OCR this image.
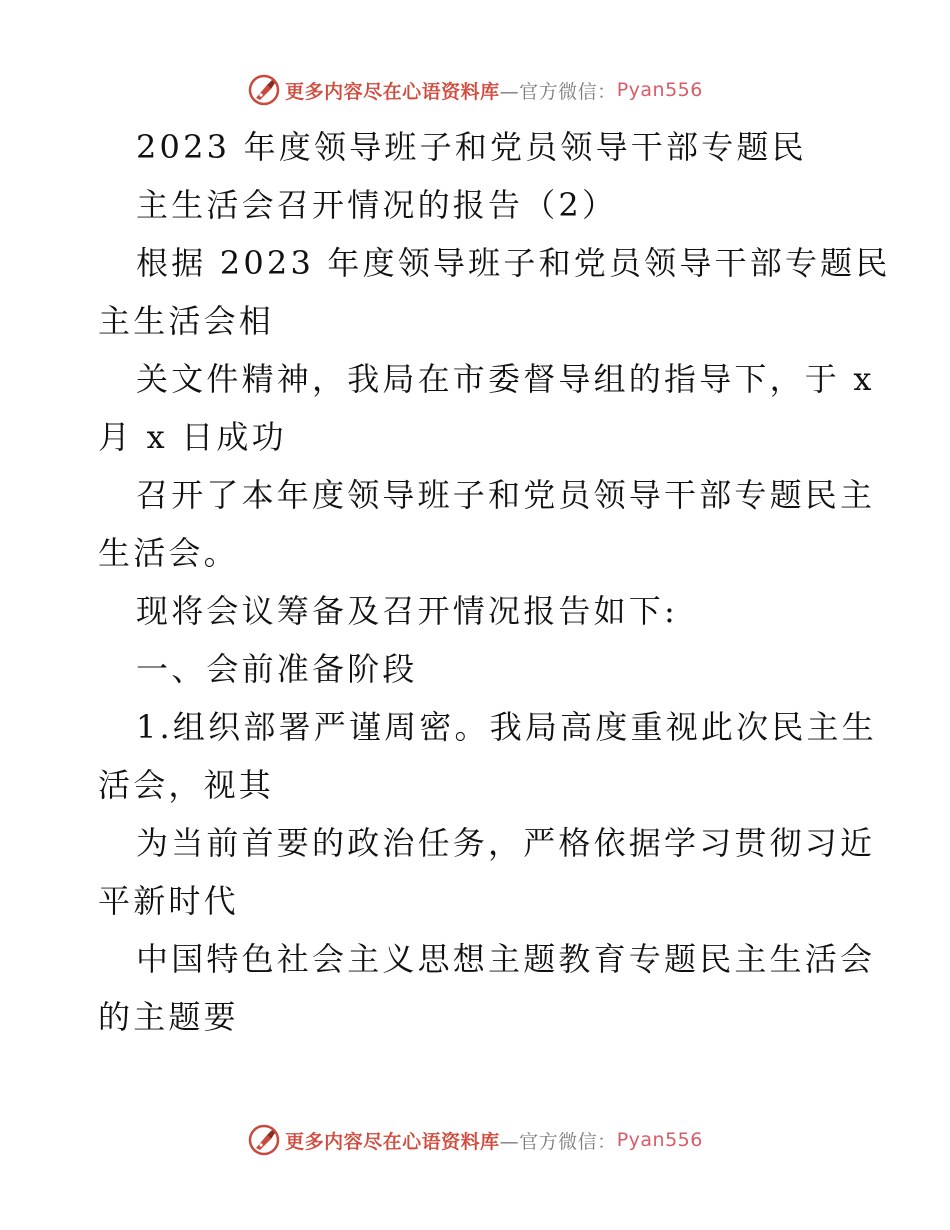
更多内容尽在心语资料库 —官方微信： Pyan556
2023 年度领导班子和党员领导干部专题民
主生活会召开情况的报告（2）
根据 2023 年度领导班子和党员领导干部专题民
主生活会相
关文件精神，我局在市委督导组的指导下，于 x
月 x 日成功
召开了本年度领导班子和党员领导干部专题民主
生活会。
现将会议筹备及召开情况报告如下:
一、会前准备阶段
1.组织部署严谨周密。我局高度重视此次民主生
活会，视其
为当前首要的政治任务，严格依据学习贯彻习近
平新时代
中国特色社会主义思想主题教育专题民主生活会
的主题要
更多内容尽在心语资料库 —官方微信： Pyan556
